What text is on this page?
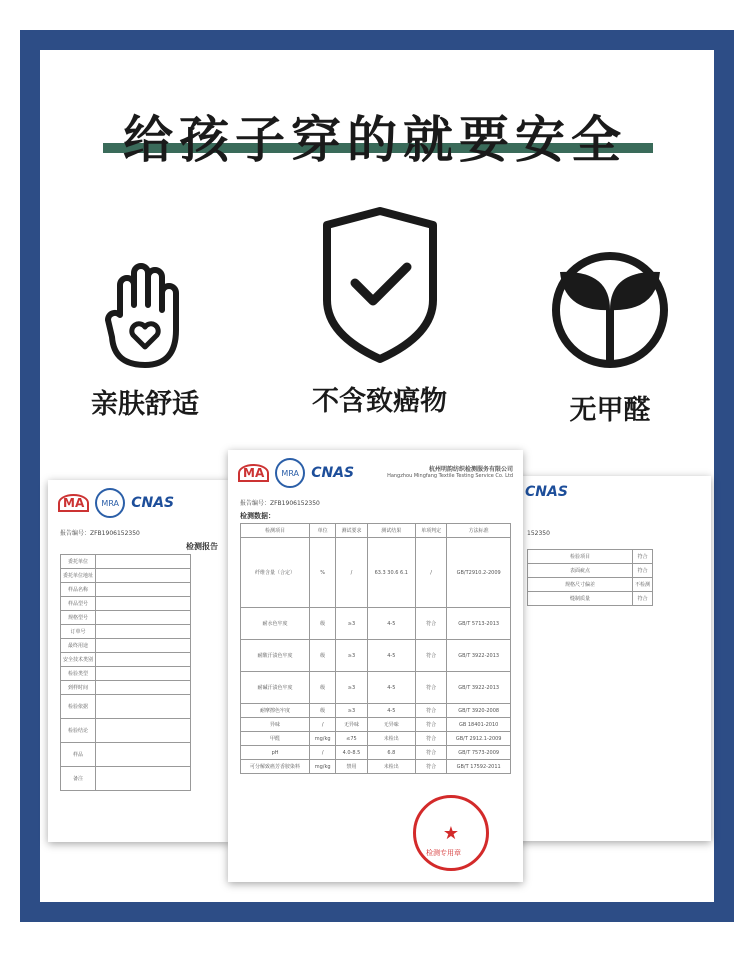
给孩子穿的就要安全
亲肤舒适	不含致癌物	无甲醛
MA	MRA CNAS
报告编号：ZFB1906152350
检测报告
委托单位	
委托单位地址	
样品名称	
样品型号	
规格型号	
订单号	
最终用途	
安全技术类别	
检验类型	
到样时间	
检验依据	
检验结论	
样品	
备注	
CNAS
152350
检验项目	符合
表面疵点	符合
规格尺寸偏差	不检测
缝制质量	符合
MA	MRA CNAS	杭州明韵纺织检测服务有限公司
Hangzhou Mingfang Textile Testing Service Co. Ltd
报告编号：ZFB1906152350
检测数据：
检测项目	单位	测试要求	测试结果	单项判定	方法标准
纤维含量（合定）	%	/	63.3 30.6 6.1	/	GB/T2910.2-2009
耐水色牢度	级	≥3	4-5	符合	GB/T 5713-2013
耐酸汗渍色牢度	级	≥3	4-5	符合	GB/T 3922-2013
耐碱汗渍色牢度	级	≥3	4-5	符合	GB/T 3922-2013
耐摩擦色牢度	级	≥3	4-5	符合	GB/T 3920-2008
异味	/	无异味	无异味	符合	GB 18401-2010
甲醛	mg/kg	≤75	未检出	符合	GB/T 2912.1-2009
pH	/	4.0-8.5	6.8	符合	GB/T 7573-2009
可分解致癌芳香胺染料	mg/kg	禁用	未检出	符合	GB/T 17592-2011
★
检测专用章
